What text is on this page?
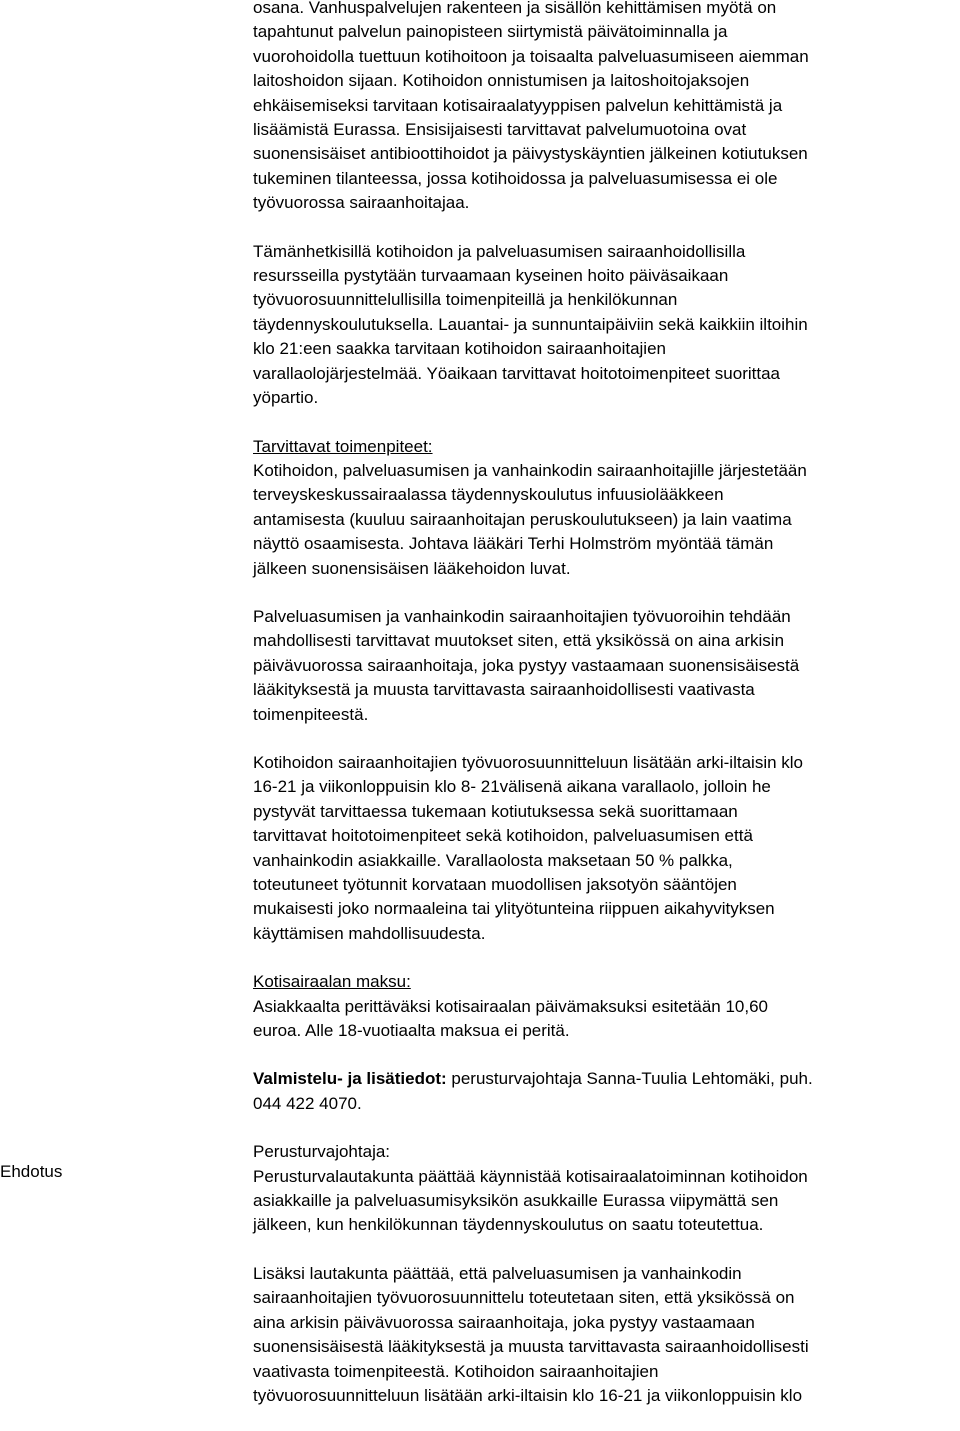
Ehdotus

osana. Vanhuspalvelujen rakenteen ja sisällön kehittämisen myötä on
tapahtunut palvelun painopisteen siirtymistä päivätoiminnalla ja
vuorohoidolla tuettuun kotihoitoon ja toisaalta palveluasumiseen aiemman
laitoshoidon sijaan. Kotihoidon onnistumisen ja laitoshoitojaksojen
ehkäisemiseksi tarvitaan kotisairaalatyyppisen palvelun kehittämistä ja
lisäämistä Eurassa. Ensisijaisesti tarvittavat palvelumuotoina ovat
suonensisäiset antibioottihoidot ja päivystyskäyntien jälkeinen kotiutuksen
tukeminen tilanteessa, jossa kotihoidossa ja palveluasumisessa ei ole
työvuorossa sairaanhoitajaa.

Tämänhetkisillä kotihoidon ja palveluasumisen sairaanhoidollisilla
resursseilla pystytään turvaamaan kyseinen hoito päiväsaikaan
työvuorosuunnittelullisilla toimenpiteillä ja henkilökunnan
täydennyskoulutuksella. Lauantai- ja sunnuntaipäiviin sekä kaikkiin iltoihin
klo 21:een saakka tarvitaan kotihoidon sairaanhoitajien
varallaolojärjestelmää. Yöaikaan tarvittavat hoitotoimenpiteet suorittaa
yöpartio.

Tarvittavat toimenpiteet:
Kotihoidon, palveluasumisen ja vanhainkodin sairaanhoitajille järjestetään
terveyskeskussairaalassa täydennyskoulutus infuusiolääkkeen
antamisesta (kuuluu sairaanhoitajan peruskoulutukseen) ja lain vaatima
näyttö osaamisesta. Johtava lääkäri Terhi Holmström myöntää tämän
jälkeen suonensisäisen lääkehoidon luvat.

Palveluasumisen ja vanhainkodin sairaanhoitajien työvuoroihin tehdään
mahdollisesti tarvittavat muutokset siten, että yksikössä on aina arkisin
päivävuorossa sairaanhoitaja, joka pystyy vastaamaan suonensisäisestä
lääkityksestä ja muusta tarvittavasta sairaanhoidollisesti vaativasta
toimenpiteestä.

Kotihoidon sairaanhoitajien työvuorosuunnitteluun lisätään arki-iltaisin klo
16-21 ja viikonloppuisin klo 8- 21välisenä aikana varallaolo, jolloin he
pystyvät tarvittaessa tukemaan kotiutuksessa sekä suorittamaan
tarvittavat hoitotoimenpiteet sekä kotihoidon, palveluasumisen että
vanhainkodin asiakkaille. Varallaolosta maksetaan 50 % palkka,
toteutuneet työtunnit korvataan muodollisen jaksotyön sääntöjen
mukaisesti joko normaaleina tai ylityötunteina riippuen aikahyvityksen
käyttämisen mahdollisuudesta.

Kotisairaalan maksu:
Asiakkaalta perittäväksi kotisairaalan päivämaksuksi esitetään 10,60
euroa. Alle 18-vuotiaalta maksua ei peritä.

Valmistelu- ja lisätiedot: perusturvajohtaja Sanna-Tuulia Lehtomäki, puh.
044 422 4070.

Perusturvajohtaja:
Perusturvalautakunta päättää käynnistää kotisairaalatoiminnan kotihoidon
asiakkaille ja palveluasumisyksikön asukkaille Eurassa viipymättä sen
jälkeen, kun henkilökunnan täydennyskoulutus on saatu toteutettua.

Lisäksi lautakunta päättää, että palveluasumisen ja vanhainkodin
sairaanhoitajien työvuorosuunnittelu toteutetaan siten, että yksikössä on
aina arkisin päivävuorossa sairaanhoitaja, joka pystyy vastaamaan
suonensisäisestä lääkityksestä ja muusta tarvittavasta sairaanhoidollisesti
vaativasta toimenpiteestä. Kotihoidon sairaanhoitajien
työvuorosuunnitteluun lisätään arki-iltaisin klo 16-21 ja viikonloppuisin klo
